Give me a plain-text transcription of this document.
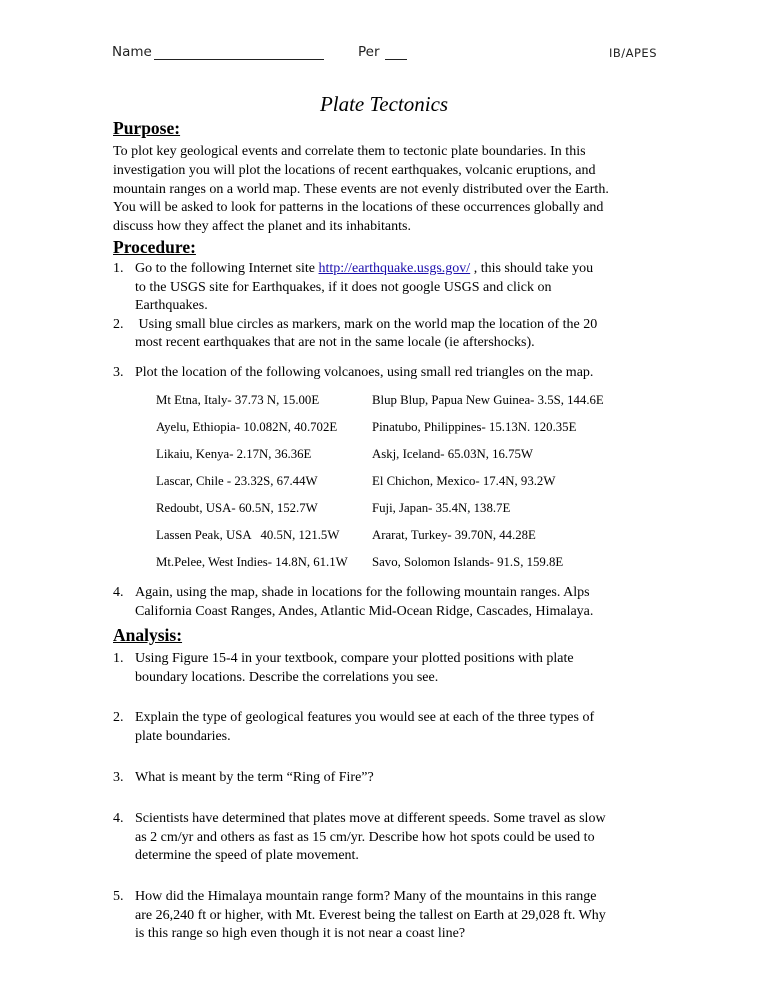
Name	Per	IB/APES
Plate Tectonics
Purpose:
To plot key geological events and correlate them to tectonic plate boundaries. In this
investigation you will plot the locations of recent earthquakes, volcanic eruptions, and
mountain ranges on a world map. These events are not evenly distributed over the Earth.
You will be asked to look for patterns in the locations of these occurrences globally and
discuss how they affect the planet and its inhabitants.
Procedure:
1. Go to the following Internet site http://earthquake.usgs.gov/ , this should take you
to the USGS site for Earthquakes, if it does not google USGS and click on
Earthquakes.
2. Using small blue circles as markers, mark on the world map the location of the 20
most recent earthquakes that are not in the same locale (ie aftershocks).
3. Plot the location of the following volcanoes, using small red triangles on the map.
Mt Etna, Italy- 37.73 N, 15.00E	Blup Blup, Papua New Guinea- 3.5S, 144.6E
Ayelu, Ethiopia- 10.082N, 40.702E	Pinatubo, Philippines- 15.13N. 120.35E
Likaiu, Kenya- 2.17N, 36.36E	Askj, Iceland- 65.03N, 16.75W
Lascar, Chile - 23.32S, 67.44W	El Chichon, Mexico- 17.4N, 93.2W
Redoubt, USA- 60.5N, 152.7W	Fuji, Japan- 35.4N, 138.7E
Lassen Peak, USA   40.5N, 121.5W	Ararat, Turkey- 39.70N, 44.28E
Mt.Pelee, West Indies- 14.8N, 61.1W	Savo, Solomon Islands- 91.S, 159.8E
4. Again, using the map, shade in locations for the following mountain ranges. Alps
California Coast Ranges, Andes, Atlantic Mid-Ocean Ridge, Cascades, Himalaya.
Analysis:
1. Using Figure 15-4 in your textbook, compare your plotted positions with plate
boundary locations. Describe the correlations you see.
2. Explain the type of geological features you would see at each of the three types of
plate boundaries.
3. What is meant by the term “Ring of Fire”?
4. Scientists have determined that plates move at different speeds. Some travel as slow
as 2 cm/yr and others as fast as 15 cm/yr. Describe how hot spots could be used to
determine the speed of plate movement.
5. How did the Himalaya mountain range form? Many of the mountains in this range
are 26,240 ft or higher, with Mt. Everest being the tallest on Earth at 29,028 ft. Why
is this range so high even though it is not near a coast line?
